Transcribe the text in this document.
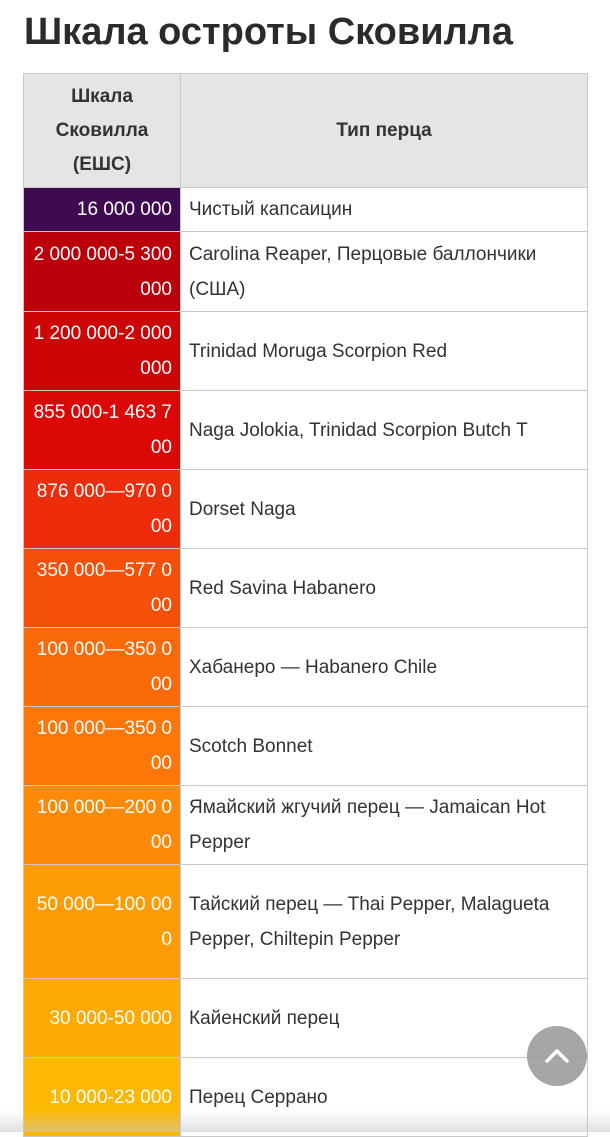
Шкала остроты Сковилла
Шкала Сковилла (ЕШС)	Тип перца
16 000 000	Чистый капсаицин
2 000 000-5 300 000	Carolina Reaper, Перцовые баллончики (США)
1 200 000-2 000 000	Trinidad Moruga Scorpion Red
855 000-1 463 700	Naga Jolokia, Trinidad Scorpion Butch T
876 000—970 000	Dorset Naga
350 000—577 000	Red Savina Habanero
100 000—350 000	Хабанеро — Habanero Chile
100 000—350 000	Scotch Bonnet
100 000—200 000	Ямайский жгучий перец — Jamaican Hot Pepper
50 000—100 000	Тайский перец — Thai Pepper, Malagueta Pepper, Chiltepin Pepper
30 000-50 000	Кайенский перец
10 000-23 000	Перец Серрано
